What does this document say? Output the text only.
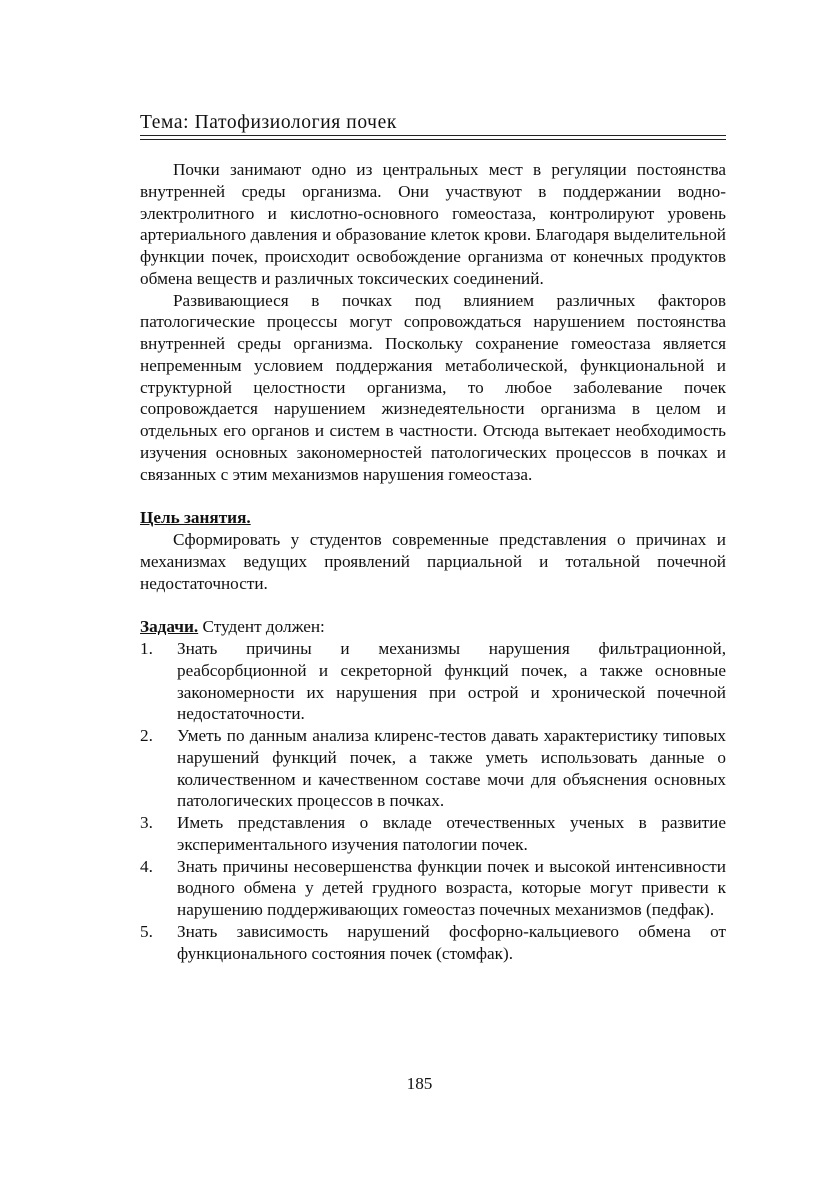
Тема: Патофизиология почек

Почки занимают одно из центральных мест в регуляции постоянства внутренней среды организма. Они участвуют в поддержании водно-электролитного и кислотно-основного гомеостаза, контролируют уровень артериального давления и образование клеток крови. Благодаря выделительной функции почек, происходит освобождение организма от конечных продуктов обмена веществ и различных токсических соединений.

Развивающиеся в почках под влиянием различных факторов патологические процессы могут сопровождаться нарушением постоянства внутренней среды организма. Поскольку сохранение гомеостаза является непременным условием поддержания метаболической, функциональной и структурной целостности организма, то любое заболевание почек сопровождается нарушением жизнедеятельности организма в целом и отдельных его органов и систем в частности. Отсюда вытекает необходимость изучения основных закономерностей патологических процессов в почках и связанных с этим механизмов нарушения гомеостаза.

Цель занятия.

Сформировать у студентов современные представления о причинах и механизмах ведущих проявлений парциальной и тотальной почечной недостаточности.

Задачи. Студент должен:

1. Знать причины и механизмы нарушения фильтрационной, реабсорбционной и секреторной функций почек, а также основные закономерности их нарушения при острой и хронической почечной недостаточности.
2. Уметь по данным анализа клиренс-тестов давать характеристику типовых нарушений функций почек, а также уметь использовать данные о количественном и качественном составе мочи для объяснения основных патологических процессов в почках.
3. Иметь представления о вкладе отечественных ученых в развитие экспериментального изучения патологии почек.
4. Знать причины несовершенства функции почек и высокой интенсивности водного обмена у детей грудного возраста, которые могут привести к нарушению поддерживающих гомеостаз почечных механизмов (педфак).
5. Знать зависимость нарушений фосфорно-кальциевого обмена от функционального состояния почек (стомфак).
185
